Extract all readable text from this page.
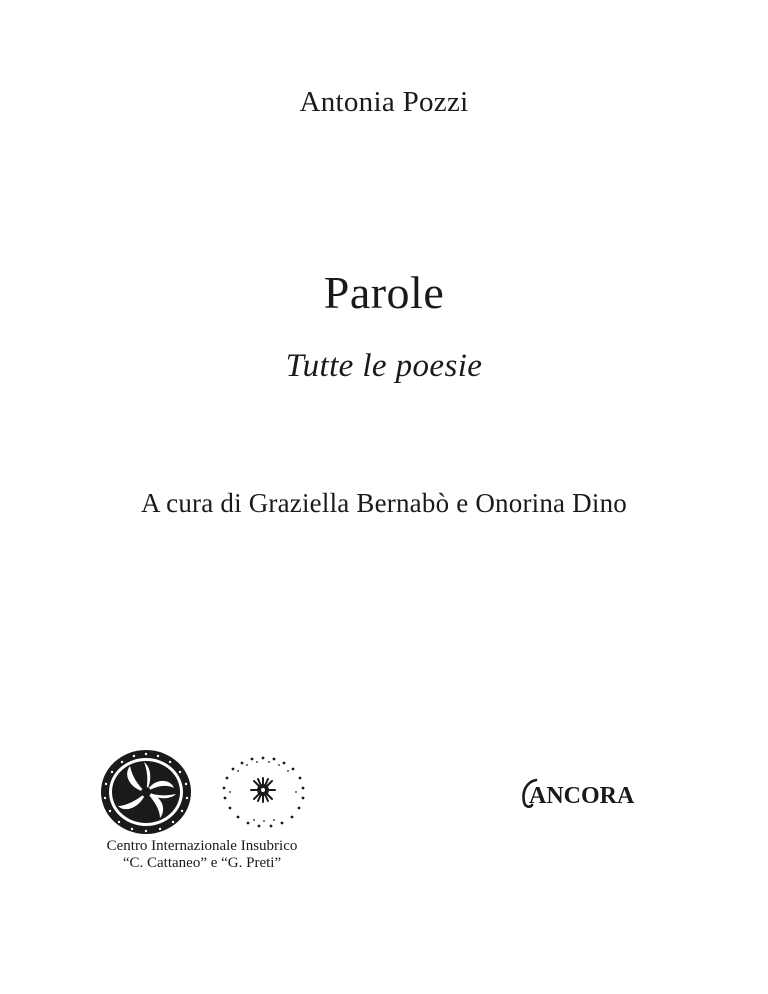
Antonia Pozzi
Parole
Tutte le poesie
A cura di Graziella Bernabò e Onorina Dino
Centro Internazionale Insubrico
“C. Cattaneo” e “G. Preti”
ANCORA
